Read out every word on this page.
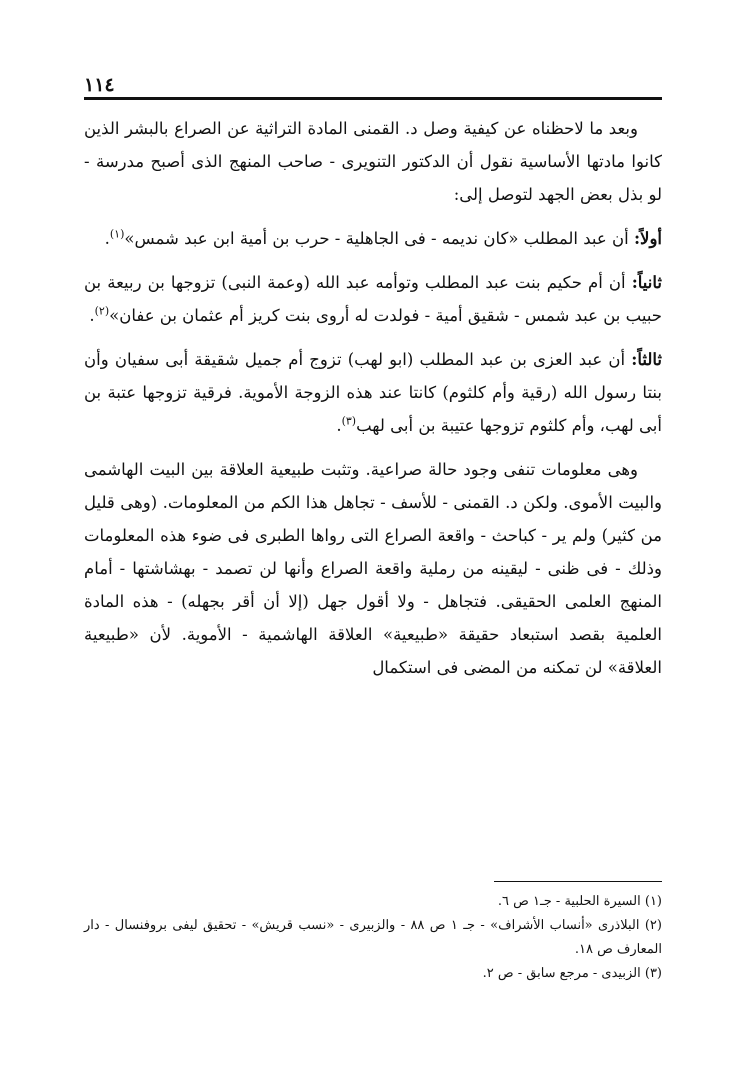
١١٤

وبعد ما لاحظناه عن كيفية وصل د. القمنى المادة التراثية عن الصراع بالبشر الذين كانوا مادتها الأساسية نقول أن الدكتور التنويرى - صاحب المنهج الذى أصبح مدرسة - لو بذل بعض الجهد لتوصل إلى:

أولاً: أن عبد المطلب «كان نديمه - فى الجاهلية - حرب بن أمية ابن عبد شمس»$^{(١)}$.

ثانياً: أن أم حكيم بنت عبد المطلب وتوأمه عبد الله (وعمة النبى) تزوجها بن ربيعة بن حبيب بن عبد شمس - شقيق أمية - فولدت له أروى بنت كريز أم عثمان بن عفان»$^{(٢)}$.

ثالثاً: أن عبد العزى بن عبد المطلب (ابو لهب) تزوج أم جميل شقيقة أبى سفيان وأن بنتا رسول الله (رقية وأم كلثوم) كانتا عند هذه الزوجة الأموية. فرقية تزوجها عتبة بن أبى لهب، وأم كلثوم تزوجها عتيبة بن أبى لهب$^{(٣)}$.

وهى معلومات تنفى وجود حالة صراعية. وتثبت طبيعية العلاقة بين البيت الهاشمى والبيت الأموى. ولكن د. القمنى - للأسف - تجاهل هذا الكم من المعلومات. (وهى قليل من كثير) ولم ير - كباحث - واقعة الصراع التى رواها الطبرى فى ضوء هذه المعلومات وذلك - فى ظنى - ليقينه من رملية واقعة الصراع وأنها لن تصمد - بهشاشتها - أمام المنهج العلمى الحقيقى. فتجاهل - ولا أقول جهل (إلا أن أقر بجهله) - هذه المادة العلمية بقصد استبعاد حقيقة «طبيعية» العلاقة الهاشمية - الأموية. لأن «طبيعية العلاقة» لن تمكنه من المضى فى استكمال

(١) السيرة الحلبية - جـ١ ص ٦.

(٢) البلاذرى «أنساب الأشراف» - جـ ١ ص ٨٨ - والزبيرى - «نسب قريش» - تحقيق ليفى بروفنسال - دار المعارف ص ١٨.

(٣) الزبيدى - مرجع سابق - ص ٢.
